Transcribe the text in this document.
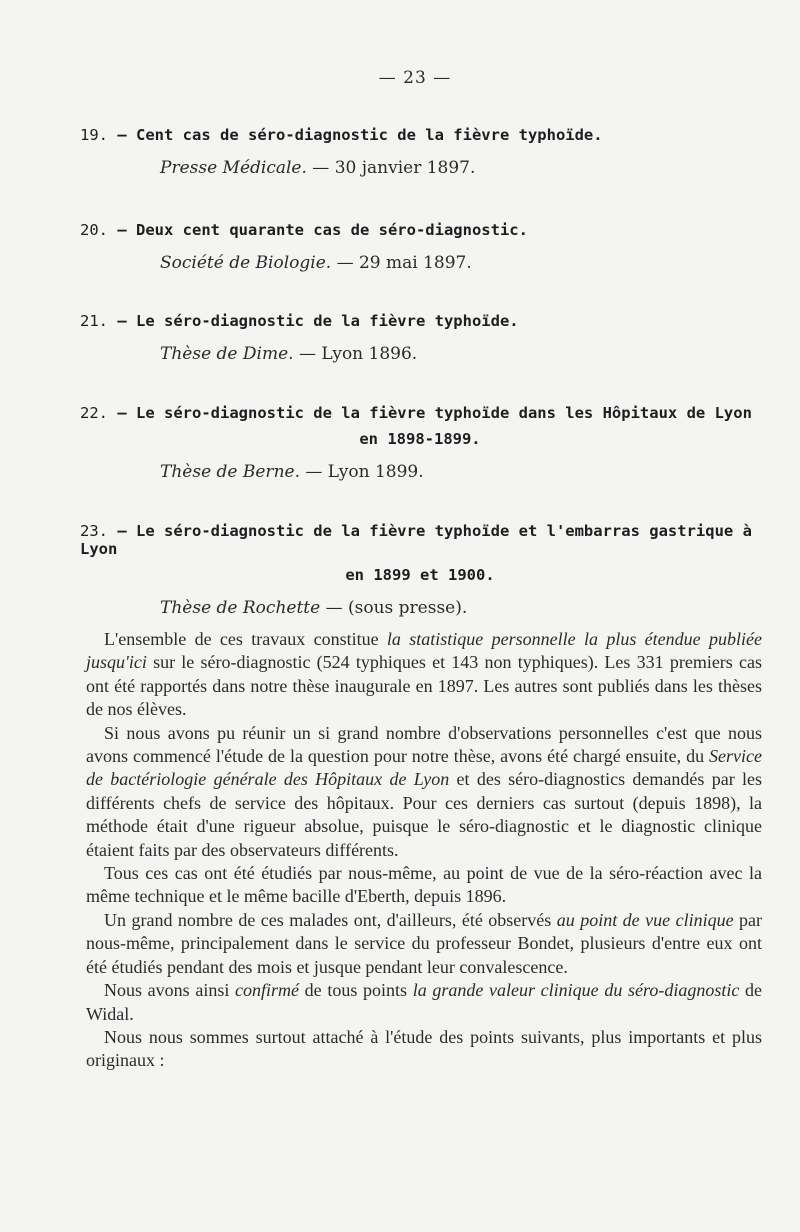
— 23 —
19. — Cent cas de séro-diagnostic de la fièvre typhoïde.
Presse Médicale. — 30 janvier 1897.
20. — Deux cent quarante cas de séro-diagnostic.
Société de Biologie. — 29 mai 1897.
21. — Le séro-diagnostic de la fièvre typhoïde.
Thèse de Dime. — Lyon 1896.
22. — Le séro-diagnostic de la fièvre typhoïde dans les Hôpitaux de Lyon
en 1898-1899.
Thèse de Berne. — Lyon 1899.
23. — Le séro-diagnostic de la fièvre typhoïde et l'embarras gastrique à Lyon
en 1899 et 1900.
Thèse de Rochette — (sous presse).

L'ensemble de ces travaux constitue la statistique personnelle la plus étendue publiée jusqu'ici sur le séro-diagnostic (524 typhiques et 143 non typhiques). Les 331 premiers cas ont été rapportés dans notre thèse inaugurale en 1897. Les autres sont publiés dans les thèses de nos élèves.

Si nous avons pu réunir un si grand nombre d'observations personnelles c'est que nous avons commencé l'étude de la question pour notre thèse, avons été chargé ensuite, du Service de bactériologie générale des Hôpitaux de Lyon et des séro-diagnostics demandés par les différents chefs de service des hôpitaux. Pour ces derniers cas surtout (depuis 1898), la méthode était d'une rigueur absolue, puisque le séro-diagnostic et le diagnostic clinique étaient faits par des observateurs différents.

Tous ces cas ont été étudiés par nous-même, au point de vue de la séro-réaction avec la même technique et le même bacille d'Eberth, depuis 1896.

Un grand nombre de ces malades ont, d'ailleurs, été observés au point de vue clinique par nous-même, principalement dans le service du professeur Bondet, plusieurs d'entre eux ont été étudiés pendant des mois et jusque pendant leur convalescence.

Nous avons ainsi confirmé de tous points la grande valeur clinique du séro-diagnostic de Widal.

Nous nous sommes surtout attaché à l'étude des points suivants, plus importants et plus originaux :
